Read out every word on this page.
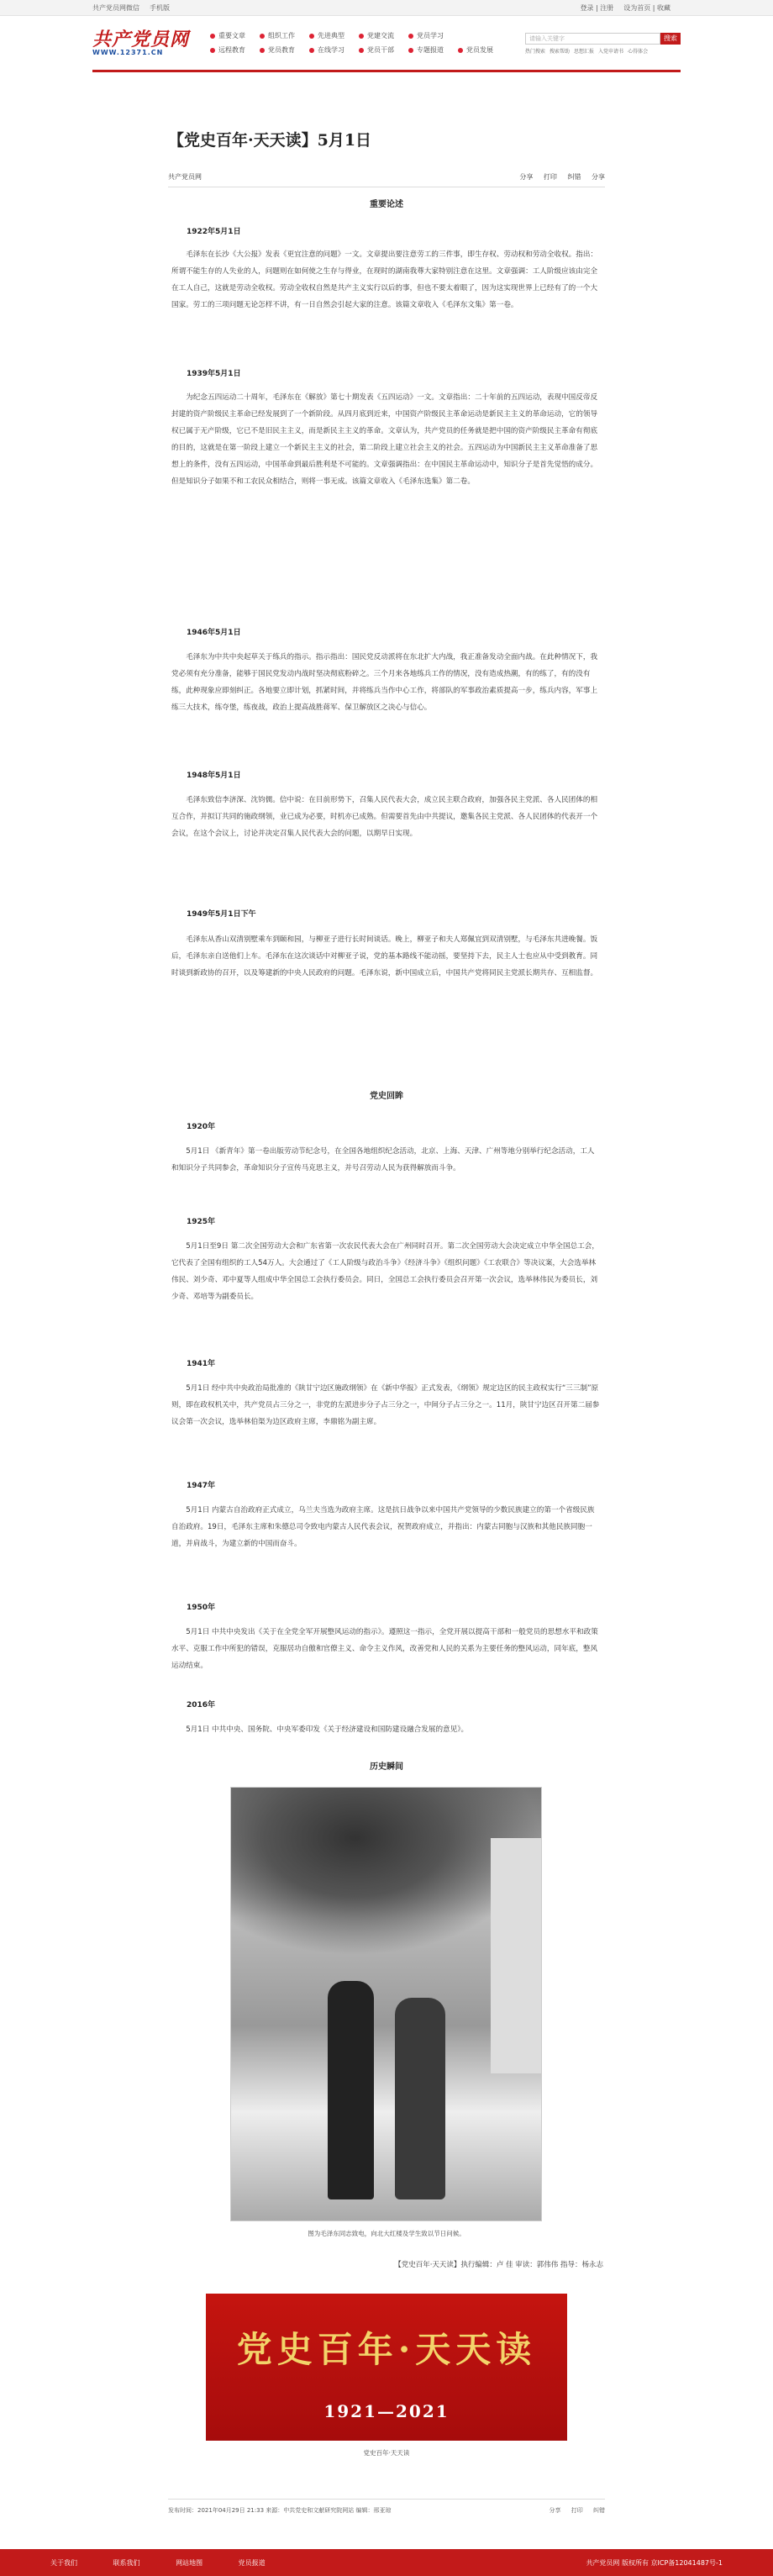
共产党员网微信 手机版	登录 | 注册 设为首页 | 收藏
共产党员网
WWW.12371.CN
重要文章	组织工作	先进典型	党建交流	党员学习
远程教育	党员教育	在线学习	党员干部	专题报道	党员发展
请输入关键字	搜索
热门搜索 搜索帮助 思想汇报 入党申请书 心得体会
【党史百年·天天读】5月1日
共产党员网	分享 打印 纠错 分享
重要论述
1922年5月1日
毛泽东在长沙《大公报》发表《更宜注意的问题》一文。文章提出要注意劳工的三件事，即生存权、劳动权和劳动全收权。指出：所谓不能生存的人失业的人，问题则在如何使之生存与得业，在现时的湖南我尊大家特别注意在这里。文章强调：工人阶级应该由完全在工人自己，这就是劳动全收权。劳动全收权自然是共产主义实行以后的事，但也不要太着眼了，因为这实现世界上已经有了的一个大国家。劳工的三项问题无论怎样不讲，有一日自然会引起大家的注意。该篇文章收入《毛泽东文集》第一卷。
1939年5月1日
为纪念五四运动二十周年，毛泽东在《解放》第七十期发表《五四运动》一文。文章指出：二十年前的五四运动，表现中国反帝反封建的资产阶级民主革命已经发展到了一个新阶段。从四月底到近来，中国资产阶级民主革命运动是新民主主义的革命运动，它的领导权已属于无产阶级，它已不是旧民主主义，而是新民主主义的革命。文章认为，共产党员的任务就是把中国的资产阶级民主革命有彻底的目的，这就是在第一阶段上建立一个新民主主义的社会，第二阶段上建立社会主义的社会。五四运动为中国新民主主义革命准备了思想上的条件，没有五四运动，中国革命到最后胜利是不可能的。文章强调指出：在中国民主革命运动中，知识分子是首先觉悟的成分。但是知识分子如果不和工农民众相结合，则将一事无成。该篇文章收入《毛泽东选集》第二卷。
1946年5月1日
毛泽东为中共中央起草关于练兵的指示。指示指出：国民党反动派将在东北扩大内战，我正准备发动全面内战。在此种情况下，我党必须有充分准备，能够于国民党发动内战时坚决彻底粉碎之。三个月来各地练兵工作的情况，没有造成热潮，有的练了，有的没有练，此种现象应即刻纠正。各地要立即计划，抓紧时间，并将练兵当作中心工作，将部队的军事政治素质提高一步，练兵内容，军事上练三大技术，练夺堡，练夜战，政治上提高战胜蒋军、保卫解放区之决心与信心。
1948年5月1日
毛泽东致信李济深、沈钧儒。信中说：在目前形势下，召集人民代表大会，成立民主联合政府，加强各民主党派、各人民团体的相互合作，并拟订共同的施政纲领，业已成为必要，时机亦已成熟。但需要首先由中共提议，邀集各民主党派、各人民团体的代表开一个会议，在这个会议上，讨论并决定召集人民代表大会的问题，以期早日实现。
1949年5月1日下午
毛泽东从香山双清别墅乘车到颐和园，与柳亚子进行长时间谈话。晚上，柳亚子和夫人郑佩宜到双清别墅，与毛泽东共进晚餐。饭后，毛泽东亲自送他们上车。毛泽东在这次谈话中对柳亚子说，党的基本路线不能动摇，要坚持下去，民主人士也应从中受到教育。同时谈到新政协的召开，以及筹建新的中央人民政府的问题。毛泽东说，新中国成立后，中国共产党将同民主党派长期共存、互相监督。
党史回眸
1920年
5月1日 《新青年》第一卷出版劳动节纪念号，在全国各地组织纪念活动，北京、上海、天津、广州等地分别举行纪念活动，工人和知识分子共同参会，革命知识分子宣传马克思主义，并号召劳动人民为获得解放而斗争。
1925年
5月1日至9日 第二次全国劳动大会和广东省第一次农民代表大会在广州同时召开。第二次全国劳动大会决定成立中华全国总工会，它代表了全国有组织的工人54万人。大会通过了《工人阶级与政治斗争》《经济斗争》《组织问题》《工农联合》等决议案，大会选举林伟民、刘少奇、邓中夏等人组成中华全国总工会执行委员会。同日，全国总工会执行委员会召开第一次会议，选举林伟民为委员长，刘少奇、邓培等为副委员长。
1941年
5月1日 经中共中央政治局批准的《陕甘宁边区施政纲领》在《新中华报》正式发表，《纲领》规定边区的民主政权实行“三三制”原则，即在政权机关中，共产党员占三分之一，非党的左派进步分子占三分之一，中间分子占三分之一。11月，陕甘宁边区召开第二届参议会第一次会议，选举林伯渠为边区政府主席，李鼎铭为副主席。
1947年
5月1日 内蒙古自治政府正式成立，乌兰夫当选为政府主席。这是抗日战争以来中国共产党领导的少数民族建立的第一个省级民族自治政府。19日，毛泽东主席和朱德总司令致电内蒙古人民代表会议，祝贺政府成立，并指出：内蒙古同胞与汉族和其他民族同胞一道，并肩战斗，为建立新的中国而奋斗。
1950年
5月1日 中共中央发出《关于在全党全军开展整风运动的指示》。遵照这一指示，全党开展以提高干部和一般党员的思想水平和政策水平、克服工作中所犯的错误，克服居功自傲和官僚主义、命令主义作风，改善党和人民的关系为主要任务的整风运动，同年底，整风运动结束。
2016年
5月1日 中共中央、国务院、中央军委印发《关于经济建设和国防建设融合发展的意见》。
历史瞬间
图为毛泽东同志致电，向北大红楼及学生致以节日问候。
【党史百年·天天读】执行编辑：卢 佳 审读：郭伟伟 指导：杨永志
党史百年·天天读
1921—2021
党史百年·天天读
发布时间：2021年04月29日 21:33 来源：中共党史和文献研究院网站 编辑：邢亚琼	分享 打印 纠错
关于我们	联系我们	网站地图	党员报道	共产党员网 版权所有 京ICP备12041487号-1
